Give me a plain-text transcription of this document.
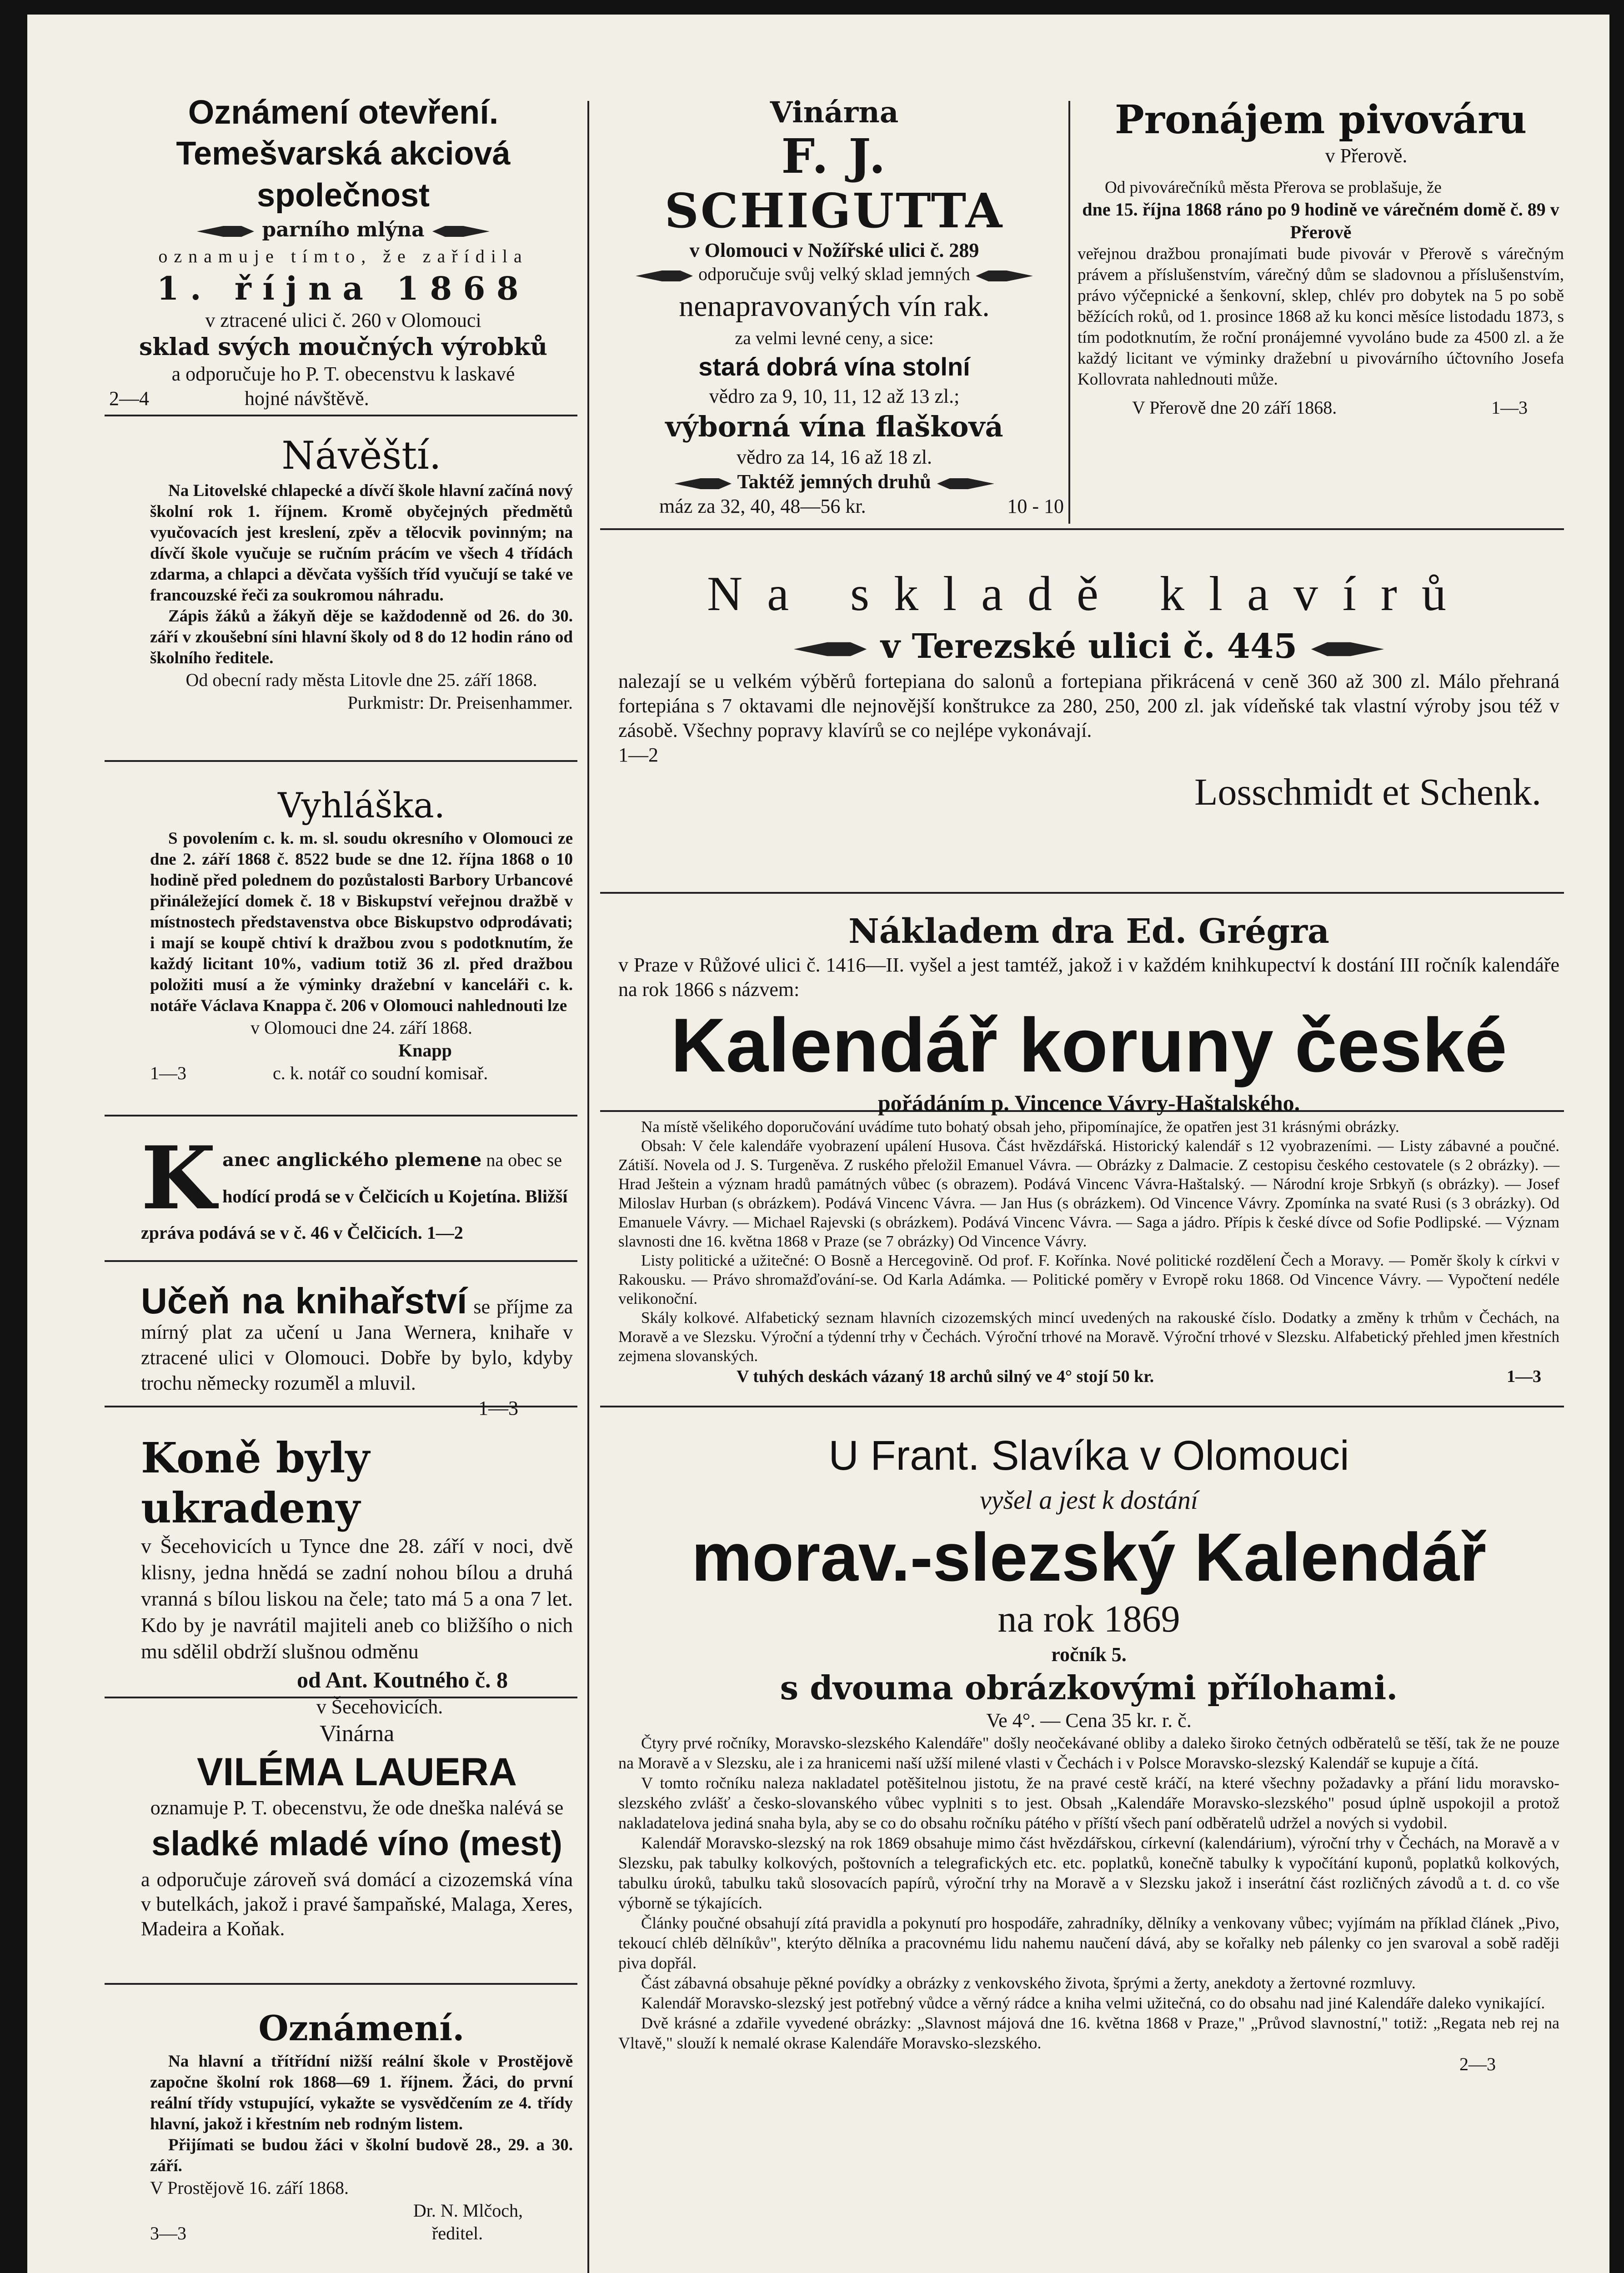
Oznámení otevření.

Temešvarská akciová společnost

parního mlýna

oznamuje tímto, že zařídila

1. října 1868

v ztracené ulici č. 260 v Olomouci

sklad svých moučných výrobků

a odporučuje ho P. T. obecenstvu k laskavé

2—4	hojné návštěvě.

Návěští.

Na Litovelské chlapecké a dívčí škole hlavní začíná nový školní rok 1. říjnem. Kromě obyčejných předmětů vyučovacích jest kreslení, zpěv a tělocvik povinným; na dívčí škole vyučuje se ručním prácím ve všech 4 třídách zdarma, a chlapci a děvčata vyšších tříd vyučují se také ve francouzské řeči za soukromou náhradu.

Zápis žáků a žákyň děje se každodenně od 26. do 30. září v zkoušební síni hlavní školy od 8 do 12 hodin ráno od školního ředitele.

Od obecní rady města Litovle dne 25. září 1868.

Purkmistr: Dr. Preisenhammer.

Vyhláška.

S povolením c. k. m. sl. soudu okresního v Olomouci ze dne 2. září 1868 č. 8522 bude se dne 12. října 1868 o 10 hodině před polednem do pozůstalosti Barbory Urbancové přináležející domek č. 18 v Biskupství veřejnou dražbě v místnostech představenstva obce Biskupstvo odprodávati; i mají se koupě chtiví k dražbou zvou s podotknutím, že každý licitant 10%, vadium totiž 36 zl. před dražbou položiti musí a že výminky dražební v kanceláři c. k. notáře Václava Knappa č. 206 v Olomouci nahlednouti lze

v Olomouci dne 24. září 1868.

Knapp

1—3	c. k. notář co soudní komisař.

K anec anglického plemene na obec se

hodící prodá se v Čelčicích u Kojetína. Bližší

zpráva podává se v č. 46 v Čelčicích. 1—2

Učeň na knihařství se příjme za mírný plat za učení u Jana Wernera, knihaře v ztracené ulici v Olomouci. Dobře by bylo, kdyby trochu německy rozuměl a mluvil.

1—3

Koně byly ukradeny

v Šecehovicích u Tynce dne 28. září v noci, dvě klisny, jedna hnědá se zadní nohou bílou a druhá vranná s bílou liskou na čele; tato má 5 a ona 7 let. Kdo by je navrátil majiteli aneb co bližšího o nich mu sdělil obdrží slušnou odměnu

od Ant. Koutného č. 8

v Šecehovicích.

Vinárna

VILÉMA LAUERA

oznamuje P. T. obecenstvu, že ode dneška nalévá se

sladké mladé víno (mest)

a odporučuje zároveň svá domácí a cizozemská vína v butelkách, jakož i pravé šampaňské, Malaga, Xeres, Madeira a Koňak.

Oznámení.

Na hlavní a třítřídní nižší reální škole v Prostějově započne školní rok 1868—69 1. říjnem. Žáci, do první reální třídy vstupující, vykažte se vysvědčením ze 4. třídy hlavní, jakož i křestním neb rodným listem.

Přijímati se budou žáci v školní budově 28., 29. a 30. září.

V Prostějově 16. září 1868.

Dr. N. Mlčoch,

3—3	ředitel.

Vinárna

F. J. SCHIGUTTA

v Olomouci v Nožířské ulici č. 289

odporučuje svůj velký sklad jemných

nenapravovaných vín rak.

za velmi levné ceny, a sice:

stará dobrá vína stolní

vědro za 9, 10, 11, 12 až 13 zl.;

výborná vína flašková

vědro za 14, 16 až 18 zl.

Taktéž jemných druhů

máz za 32, 40, 48—56 kr.	10 - 10

Pronájem pivováru

v Přerově.

Od pivovárečníků města Přerova se problašuje, že

dne 15. října 1868 ráno po 9 hodině ve várečném domě č. 89 v Přerově

veřejnou dražbou pronajímati bude pivovár v Přerově s várečným právem a příslušenstvím, várečný dům se sladovnou a příslušenstvím, právo výčepnické a šenkovní, sklep, chlév pro dobytek na 5 po sobě běžících roků, od 1. prosince 1868 až ku konci měsíce listodadu 1873, s tím podotknutím, že roční pronájemné vyvoláno bude za 4500 zl. a že každý licitant ve výminky dražební u pivovárního účtovního Josefa Kollovrata nahlednouti může.

V Přerově dne 20 září 1868.	1—3

Na skladě klavírů

v Terezské ulici č. 445

nalezají se u velkém výběrů fortepiana do salonů a fortepiana přikrácená v ceně 360 až 300 zl. Málo přehraná fortepiána s 7 oktavami dle nejnovější konštrukce za 280, 250, 200 zl. jak vídeňské tak vlastní výroby jsou též v zásobě. Všechny popravy klavírů se co nejlépe vykonávají.

1—2

Losschmidt et Schenk.

Nákladem dra Ed. Grégra

v Praze v Růžové ulici č. 1416—II. vyšel a jest tamtéž, jakož i v každém knihkupectví k dostání III ročník kalendáře na rok 1866 s názvem:

Kalendář koruny české

pořádáním p. Vincence Vávry-Haštalského.

Na místě všelikého doporučování uvádíme tuto bohatý obsah jeho, připomínajíce, že opatřen jest 31 krásnými obrázky.

Obsah: V čele kalendáře vyobrazení upálení Husova. Část hvězdářská. Historický kalendář s 12 vyobrazeními. — Listy zábavné a poučné. Zátiší. Novela od J. S. Turgeněva. Z ruského přeložil Emanuel Vávra. — Obrázky z Dalmacie. Z cestopisu českého cestovatele (s 2 obrázky). — Hrad Ještein a význam hradů památných vůbec (s obrazem). Podává Vincenc Vávra-Haštalský. — Národní kroje Srbkyň (s obrázky). — Josef Miloslav Hurban (s obrázkem). Podává Vincenc Vávra. — Jan Hus (s obrázkem). Od Vincence Vávry. Zpomínka na svaté Rusi (s 3 obrázky). Od Emanuele Vávry. — Michael Rajevski (s obrázkem). Podává Vincenc Vávra. — Saga a jádro. Přípis k české dívce od Sofie Podlipské. — Význam slavnosti dne 16. května 1868 v Praze (se 7 obrázky) Od Vincence Vávry.

Listy politické a užitečné: O Bosně a Hercegovině. Od prof. F. Kořínka. Nové politické rozdělení Čech a Moravy. — Poměr školy k církvi v Rakousku. — Právo shromažďování-se. Od Karla Adámka. — Politické poměry v Evropě roku 1868. Od Vincence Vávry. — Vypočtení nedéle velikonoční.

Skály kolkové. Alfabetický seznam hlavních cizozemských mincí uvedených na rakouské číslo. Dodatky a změny k trhům v Čechách, na Moravě a ve Slezsku. Výroční a týdenní trhy v Čechách. Výroční trhové na Moravě. Výroční trhové v Slezsku. Alfabetický přehled jmen křestních zejmena slovanských.

V tuhých deskách vázaný 18 archů silný ve 4° stojí 50 kr.	1—3

U Frant. Slavíka v Olomouci

vyšel a jest k dostání

morav.-slezský Kalendář

na rok 1869

ročník 5.

s dvouma obrázkovými přílohami.

Ve 4°. — Cena 35 kr. r. č.

Čtyry prvé ročníky, Moravsko-slezského Kalendáře" došly neočekávané obliby a daleko široko četných odběratelů se těší, tak že ne pouze na Moravě a v Slezsku, ale i za hranicemi naší užší milené vlasti v Čechách i v Polsce Moravsko-slezský Kalendář se kupuje a čítá.

V tomto ročníku naleza nakladatel potěšitelnou jistotu, že na pravé cestě kráčí, na které všechny požadavky a přání lidu moravsko-slezského zvlášť a česko-slovanského vůbec vyplniti s to jest. Obsah „Kalendáře Moravsko-slezského" posud úplně uspokojil a protož nakladatelova jediná snaha byla, aby se co do obsahu ročníku pátého v příští všech paní odběratelů udržel a nových si vydobil.

Kalendář Moravsko-slezský na rok 1869 obsahuje mimo část hvězdářskou, církevní (kalendárium), výroční trhy v Čechách, na Moravě a v Slezsku, pak tabulky kolkových, poštovních a telegrafických etc. etc. poplatků, konečně tabulky k vypočítání kuponů, poplatků kolkových, tabulku úroků, tabulku taků slosovacích papírů, výroční trhy na Moravě a v Slezsku jakož i inserátní část rozličných závodů a t. d. co vše výborně se týkajících.

Články poučné obsahují zítá pravidla a pokynutí pro hospodáře, zahradníky, dělníky a venkovany vůbec; vyjímám na příklad článek „Pivo, tekoucí chléb dělníkův", kterýto dělníka a pracovnému lidu nahemu naučení dává, aby se kořalky neb pálenky co jen svaroval a sobě raději piva dopřál.

Část zábavná obsahuje pěkné povídky a obrázky z venkovského života, šprými a žerty, anekdoty a žertovné rozmluvy.

Kalendář Moravsko-slezský jest potřebný vůdce a věrný rádce a kniha velmi užitečná, co do obsahu nad jiné Kalendáře daleko vynikající.

Dvě krásné a zdařile vyvedené obrázky: „Slavnost májová dne 16. května 1868 v Praze," „Průvod slavnostní," totiž: „Regata neb rej na Vltavě," slouží k nemalé okrase Kalendáře Moravsko-slezského.

2—3
